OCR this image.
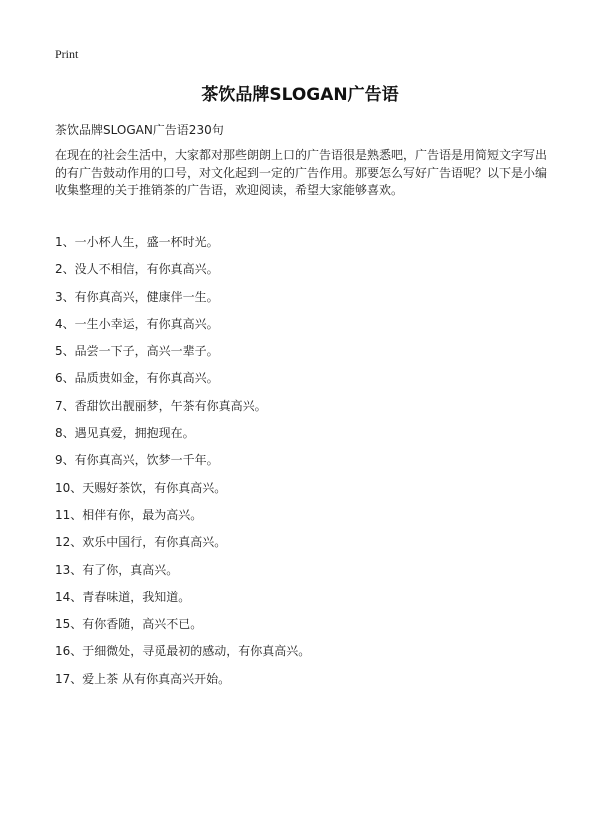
Print
茶饮品牌SLOGAN广告语
茶饮品牌SLOGAN广告语230句

在现在的社会生活中，大家都对那些朗朗上口的广告语很是熟悉吧，广告语是用简短文字写出的有广告鼓动作用的口号，对文化起到一定的广告作用。那要怎么写好广告语呢？以下是小编收集整理的关于推销茶的广告语，欢迎阅读，希望大家能够喜欢。

1、一小杯人生，盛一杯时光。
2、没人不相信，有你真高兴。
3、有你真高兴，健康伴一生。
4、一生小幸运，有你真高兴。
5、品尝一下子，高兴一辈子。
6、品质贵如金，有你真高兴。
7、香甜饮出靓丽梦，午茶有你真高兴。
8、遇见真爱，拥抱现在。
9、有你真高兴，饮梦一千年。
10、天赐好茶饮，有你真高兴。
11、相伴有你，最为高兴。
12、欢乐中国行，有你真高兴。
13、有了你，真高兴。
14、青春味道，我知道。
15、有你香随，高兴不已。
16、于细微处，寻觅最初的感动，有你真高兴。
17、爱上茶 从有你真高兴开始。
